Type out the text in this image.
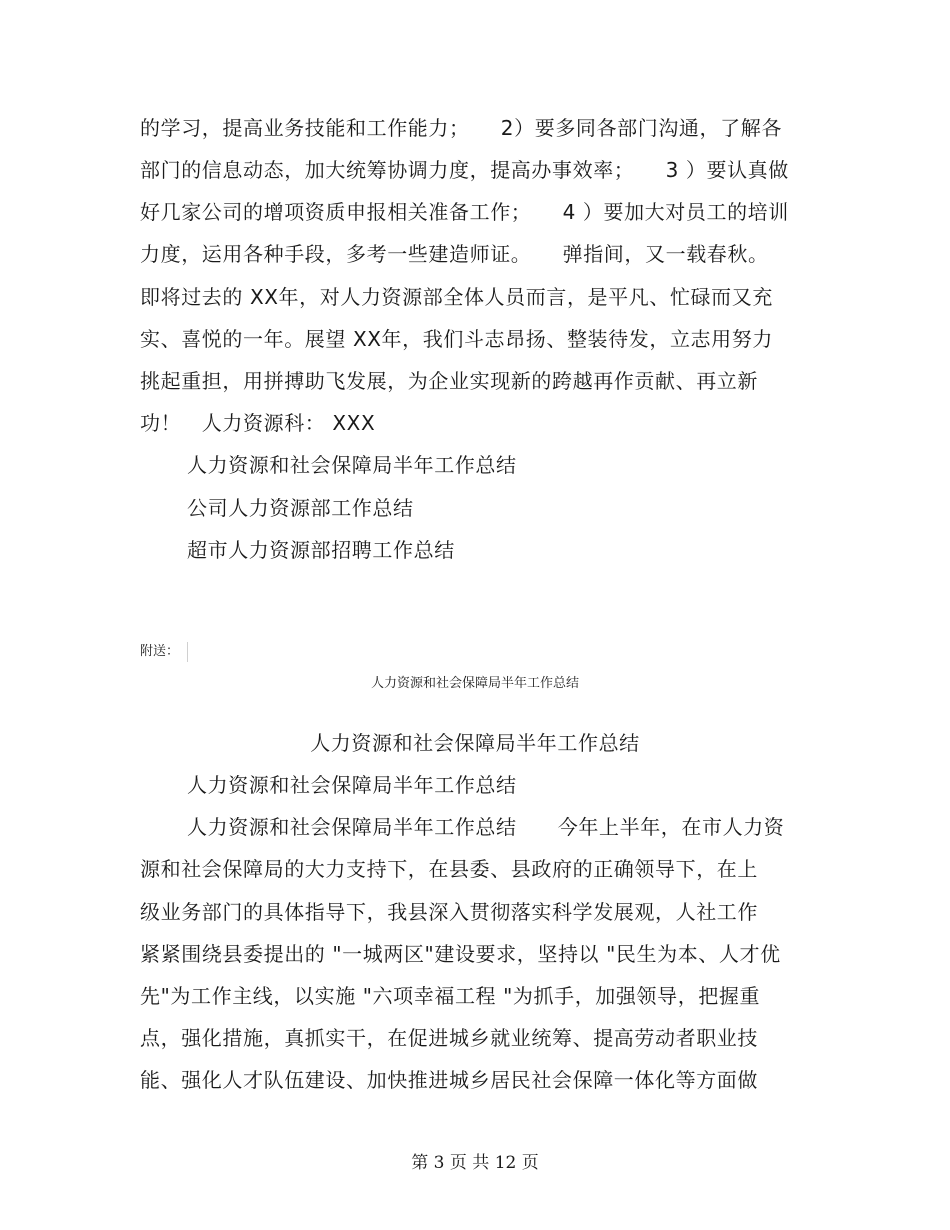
的学习，提高业务技能和工作能力；　　2）要多同各部门沟通，了解各
部门的信息动态，加大统筹协调力度，提高办事效率；　　3 ）要认真做
好几家公司的增项资质申报相关准备工作；　　4 ）要加大对员工的培训
力度，运用各种手段，多考一些建造师证。　　弹指间，又一载春秋。
即将过去的 XX年，对人力资源部全体人员而言，是平凡、忙碌而又充
实、喜悦的一年。展望 XX年，我们斗志昂扬、整装待发，立志用努力
挑起重担，用拼搏助飞发展，为企业实现新的跨越再作贡献、再立新
功！　人力资源科： XXX
人力资源和社会保障局半年工作总结
公司人力资源部工作总结
超市人力资源部招聘工作总结
附送：
人力资源和社会保障局半年工作总结
人力资源和社会保障局半年工作总结
人力资源和社会保障局半年工作总结
人力资源和社会保障局半年工作总结　　今年上半年，在市人力资
源和社会保障局的大力支持下，在县委、县政府的正确领导下，在上
级业务部门的具体指导下，我县深入贯彻落实科学发展观，人社工作
紧紧围绕县委提出的 "一城两区"建设要求，坚持以 "民生为本、人才优
先"为工作主线，以实施 "六项幸福工程 "为抓手，加强领导，把握重
点，强化措施，真抓实干，在促进城乡就业统筹、提高劳动者职业技
能、强化人才队伍建设、加快推进城乡居民社会保障一体化等方面做
第 3 页 共 12 页
